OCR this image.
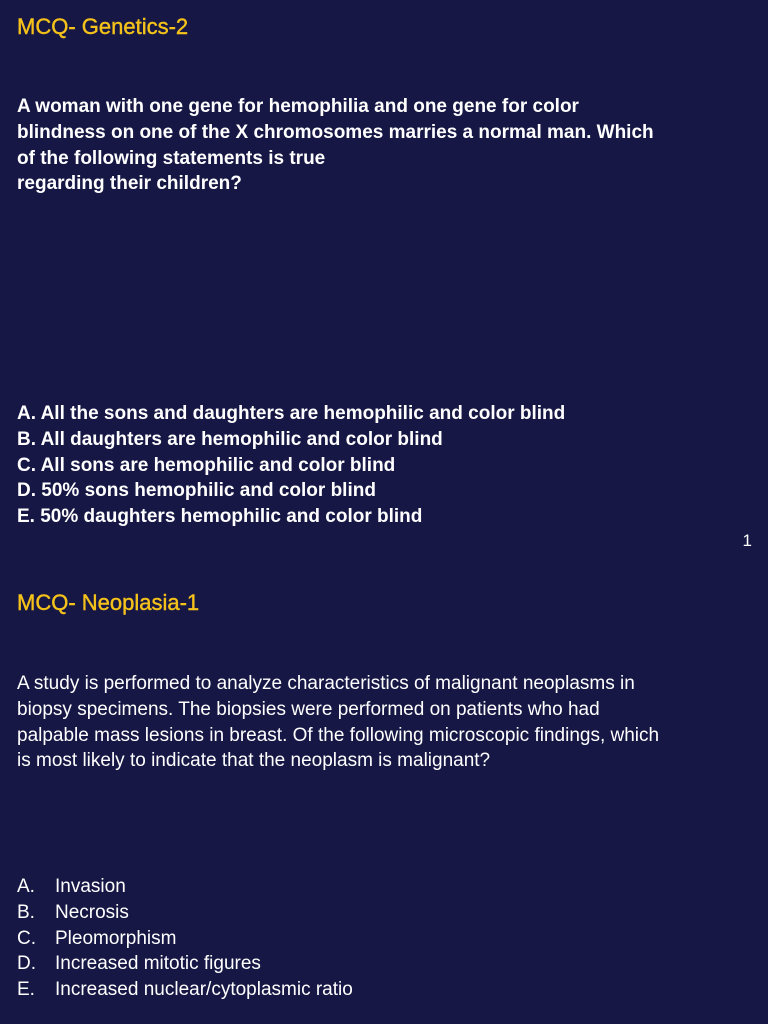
MCQ- Genetics-2

A woman with one gene for hemophilia and one gene for color
blindness on one of the X chromosomes marries a normal man. Which
of the following statements is true
regarding their children?

A. All the sons and daughters are hemophilic and color blind
B. All daughters are hemophilic and color blind
C. All sons are hemophilic and color blind
D. 50% sons hemophilic and color blind
E. 50% daughters hemophilic and color blind
1
MCQ- Neoplasia-1

A study is performed to analyze characteristics of malignant neoplasms in
biopsy specimens. The biopsies were performed on patients who had
palpable mass lesions in breast. Of the following microscopic findings, which
is most likely to indicate that the neoplasm is malignant?

A. Invasion
B. Necrosis
C. Pleomorphism
D. Increased mitotic figures
E. Increased nuclear/cytoplasmic ratio
